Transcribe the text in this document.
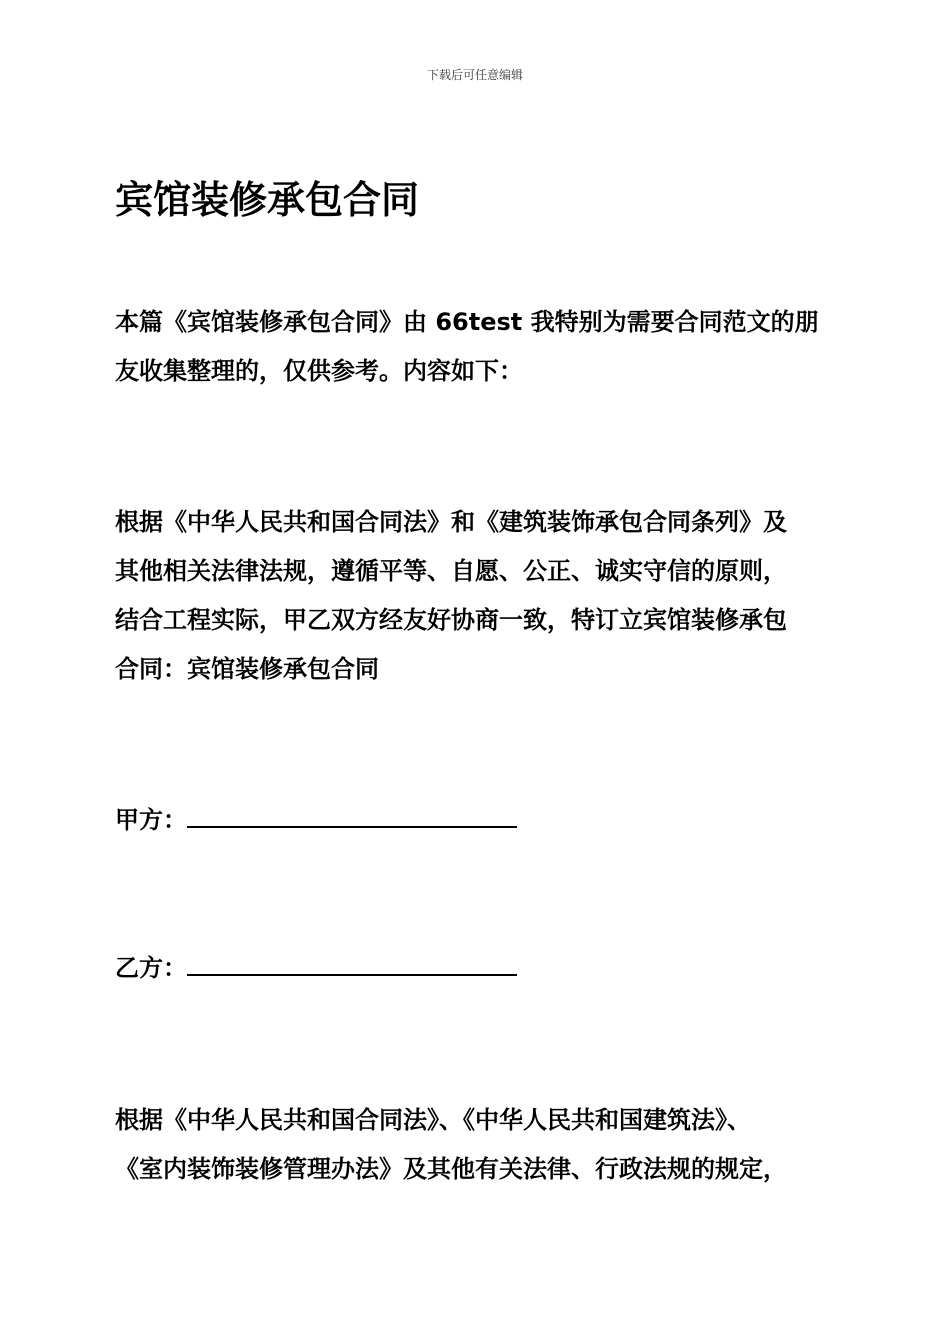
下载后可任意编辑
宾馆装修承包合同
本篇《宾馆装修承包合同》由 66test 我特别为需要合同范文的朋
友收集整理的，仅供参考。内容如下：
根据《中华人民共和国合同法》和《建筑装饰承包合同条列》及
其他相关法律法规，遵循平等、自愿、公正、诚实守信的原则，
结合工程实际，甲乙双方经友好协商一致，特订立宾馆装修承包
合同：宾馆装修承包合同
甲方：
乙方：
根据《中华人民共和国合同法》、《中华人民共和国建筑法》、
《室内装饰装修管理办法》及其他有关法律、行政法规的规定，
